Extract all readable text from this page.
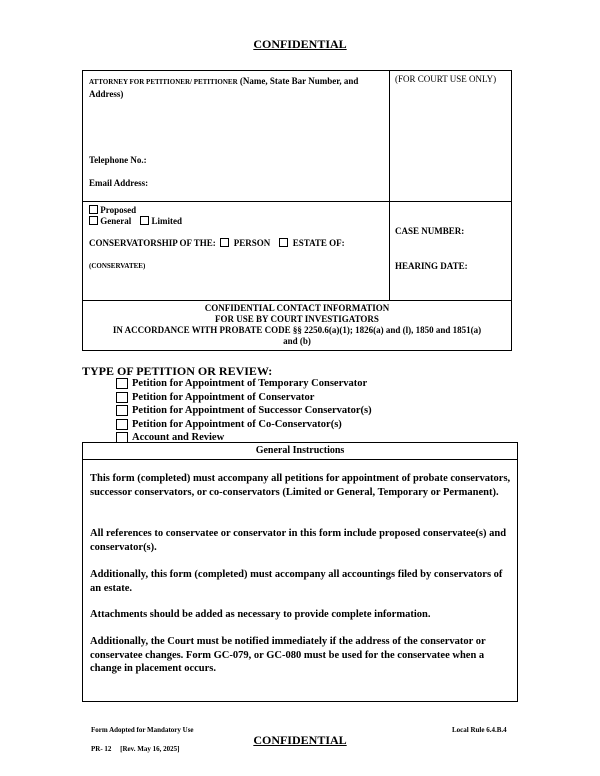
CONFIDENTIAL
ATTORNEY FOR PETITIONER/ PETITIONER (Name, State Bar Number, and Address)
(FOR COURT USE ONLY)
Telephone No.:
Email Address:
Proposed
General Limited
CONSERVATORSHIP OF THE: PERSON	ESTATE OF:
(CONSERVATEE)
CASE NUMBER:
HEARING DATE:
CONFIDENTIAL CONTACT INFORMATION
FOR USE BY COURT INVESTIGATORS
IN ACCORDANCE WITH PROBATE CODE §§ 2250.6(a)(1); 1826(a) and (l), 1850 and 1851(a)
and (b)
TYPE OF PETITION OR REVIEW:
Petition for Appointment of Temporary Conservator
Petition for Appointment of Conservator
Petition for Appointment of Successor Conservator(s)
Petition for Appointment of Co-Conservator(s)
Account and Review
General Instructions
This form (completed) must accompany all petitions for appointment of probate conservators, successor conservators, or co-conservators (Limited or General, Temporary or Permanent).
All references to conservatee or conservator in this form include proposed conservatee(s) and conservator(s).
Additionally, this form (completed) must accompany all accountings filed by conservators of an estate.
Attachments should be added as necessary to provide complete information.
Additionally, the Court must be notified immediately if the address of the conservator or conservatee changes. Form GC-079, or GC-080 must be used for the conservatee when a change in placement occurs.
Form Adopted for Mandatory Use	Local Rule 6.4.B.4
CONFIDENTIAL
PR- 12     [Rev. May 16, 2025]
